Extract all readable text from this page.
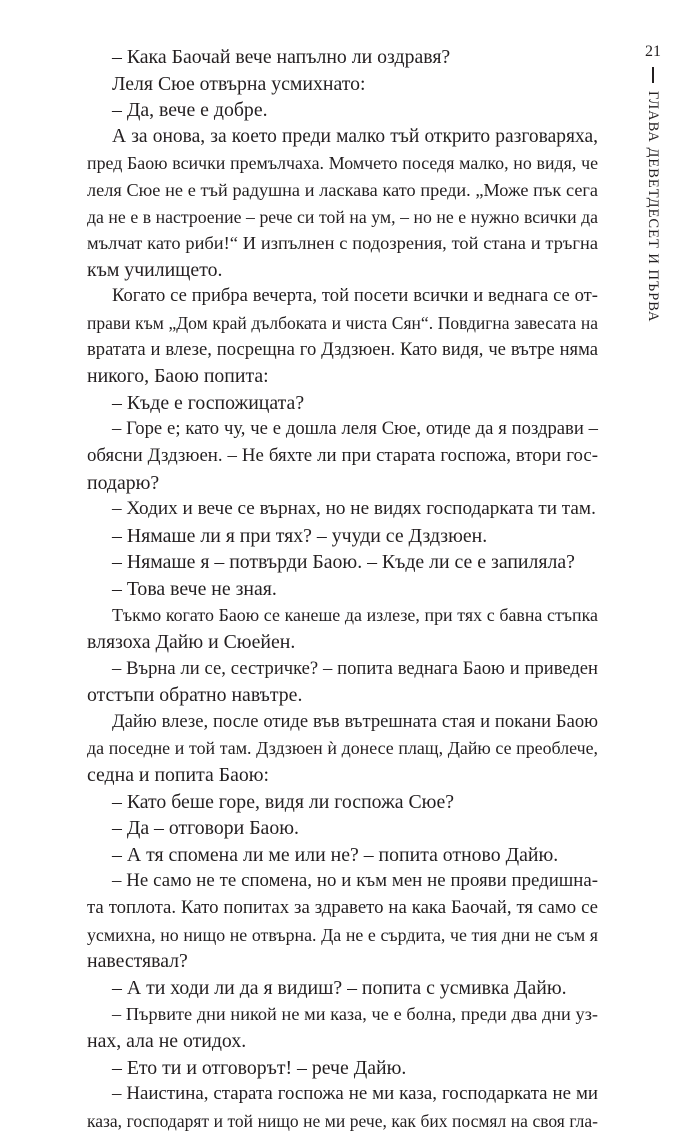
21
ГЛАВА ДЕВЕТДЕСЕТ И ПЪРВА
– Кака Баочай вече напълно ли оздравя?
Леля Сюе отвърна усмихнато:
– Да, вече е добре.
А за онова, за което преди малко тъй открито разговаряха,
пред Баою всички премълчаха. Момчето поседя малко, но видя, че
леля Сюе не е тъй радушна и ласкава като преди. „Може пък сега
да не е в настроение – рече си той на ум, – но не е нужно всички да
мълчат като риби!“ И изпълнен с подозрения, той стана и тръгна
към училището.
Когато се прибра вечерта, той посети всички и веднага се от-
прави към „Дом край дълбоката и чиста Сян“. Повдигна завесата на
вратата и влезе, посрещна го Дздзюен. Като видя, че вътре няма
никого, Баою попита:
– Къде е госпожицата?
– Горе е; като чу, че е дошла леля Сюе, отиде да я поздрави –
обясни Дздзюен. – Не бяхте ли при старата госпожа, втори гос-
подарю?
– Ходих и вече се върнах, но не видях господарката ти там.
– Нямаше ли я при тях? – учуди се Дздзюен.
– Нямаше я – потвърди Баою. – Къде ли се е запиляла?
– Това вече не зная.
Тъкмо когато Баою се канеше да излезе, при тях с бавна стъпка
влязоха Дайю и Сюейен.
– Върна ли се, сестричке? – попита веднага Баою и приведен
отстъпи обратно навътре.
Дайю влезе, после отиде във вътрешната стая и покани Баою
да поседне и той там. Дздзюен ѝ донесе плащ, Дайю се преоблече,
седна и попита Баою:
– Като беше горе, видя ли госпожа Сюе?
– Да – отговори Баою.
– А тя спомена ли ме или не? – попита отново Дайю.
– Не само не те спомена, но и към мен не прояви предишна-
та топлота. Като попитах за здравето на кака Баочай, тя само се
усмихна, но нищо не отвърна. Да не е сърдита, че тия дни не съм я
навестявал?
– А ти ходи ли да я видиш? – попита с усмивка Дайю.
– Първите дни никой не ми каза, че е болна, преди два дни уз-
нах, ала не отидох.
– Ето ти и отговорът! – рече Дайю.
– Наистина, старата госпожа не ми каза, господарката не ми
каза, господарят и той нищо не ми рече, как бих посмял на своя гла-
